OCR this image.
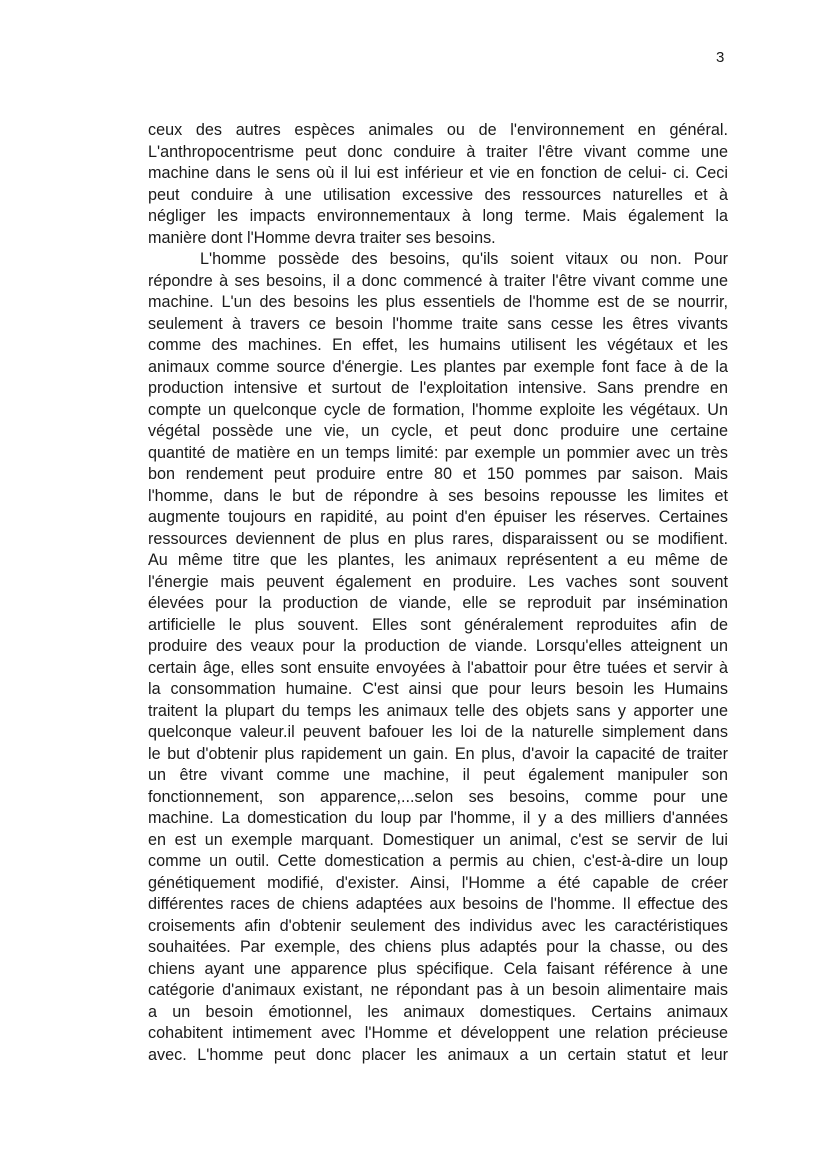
3
ceux des autres espèces animales ou de l'environnement en général.
L'anthropocentrisme peut donc conduire à traiter l'être vivant comme une
machine dans le sens où il lui est inférieur et vie en fonction de celui- ci. Ceci
peut conduire à une utilisation excessive des ressources naturelles et à
négliger les impacts environnementaux à long terme. Mais également la
manière dont l'Homme devra traiter ses besoins.
L'homme possède des besoins, qu'ils soient vitaux ou non. Pour
répondre à ses besoins, il a donc commencé à traiter l'être vivant comme une
machine. L'un des besoins les plus essentiels de l'homme est de se nourrir,
seulement à travers ce besoin l'homme traite sans cesse les êtres vivants
comme des machines. En effet, les humains utilisent les végétaux et les
animaux comme source d'énergie. Les plantes par exemple font face à de la
production intensive et surtout de l'exploitation intensive. Sans prendre en
compte un quelconque cycle de formation, l'homme exploite les végétaux. Un
végétal possède une vie, un cycle, et peut donc produire une certaine
quantité de matière en un temps limité: par exemple un pommier avec un très
bon rendement peut produire entre 80 et 150 pommes par saison. Mais
l'homme, dans le but de répondre à ses besoins repousse les limites et
augmente toujours en rapidité, au point d'en épuiser les réserves. Certaines
ressources deviennent de plus en plus rares, disparaissent ou se modifient.
Au même titre que les plantes, les animaux représentent a eu même de
l'énergie mais peuvent également en produire. Les vaches sont souvent
élevées pour la production de viande, elle se reproduit par insémination
artificielle le plus souvent. Elles sont généralement reproduites afin de
produire des veaux pour la production de viande. Lorsqu'elles atteignent un
certain âge, elles sont ensuite envoyées à l'abattoir pour être tuées et servir à
la consommation humaine. C'est ainsi que pour leurs besoin les Humains
traitent la plupart du temps les animaux telle des objets sans y apporter une
quelconque valeur.il peuvent bafouer les loi de la naturelle simplement dans
le but d'obtenir plus rapidement un gain. En plus, d'avoir la capacité de traiter
un être vivant comme une machine, il peut également manipuler son
fonctionnement, son apparence,...selon ses besoins, comme pour une
machine. La domestication du loup par l'homme, il y a des milliers d'années
en est un exemple marquant. Domestiquer un animal, c'est se servir de lui
comme un outil. Cette domestication a permis au chien, c'est-à-dire un loup
génétiquement modifié, d'exister. Ainsi, l'Homme a été capable de créer
différentes races de chiens adaptées aux besoins de l'homme. Il effectue des
croisements afin d'obtenir seulement des individus avec les caractéristiques
souhaitées. Par exemple, des chiens plus adaptés pour la chasse, ou des
chiens ayant une apparence plus spécifique. Cela faisant référence à une
catégorie d'animaux existant, ne répondant pas à un besoin alimentaire mais
a un besoin émotionnel, les animaux domestiques. Certains animaux
cohabitent intimement avec l'Homme et développent une relation précieuse
avec. L'homme peut donc placer les animaux a un certain statut et leur
